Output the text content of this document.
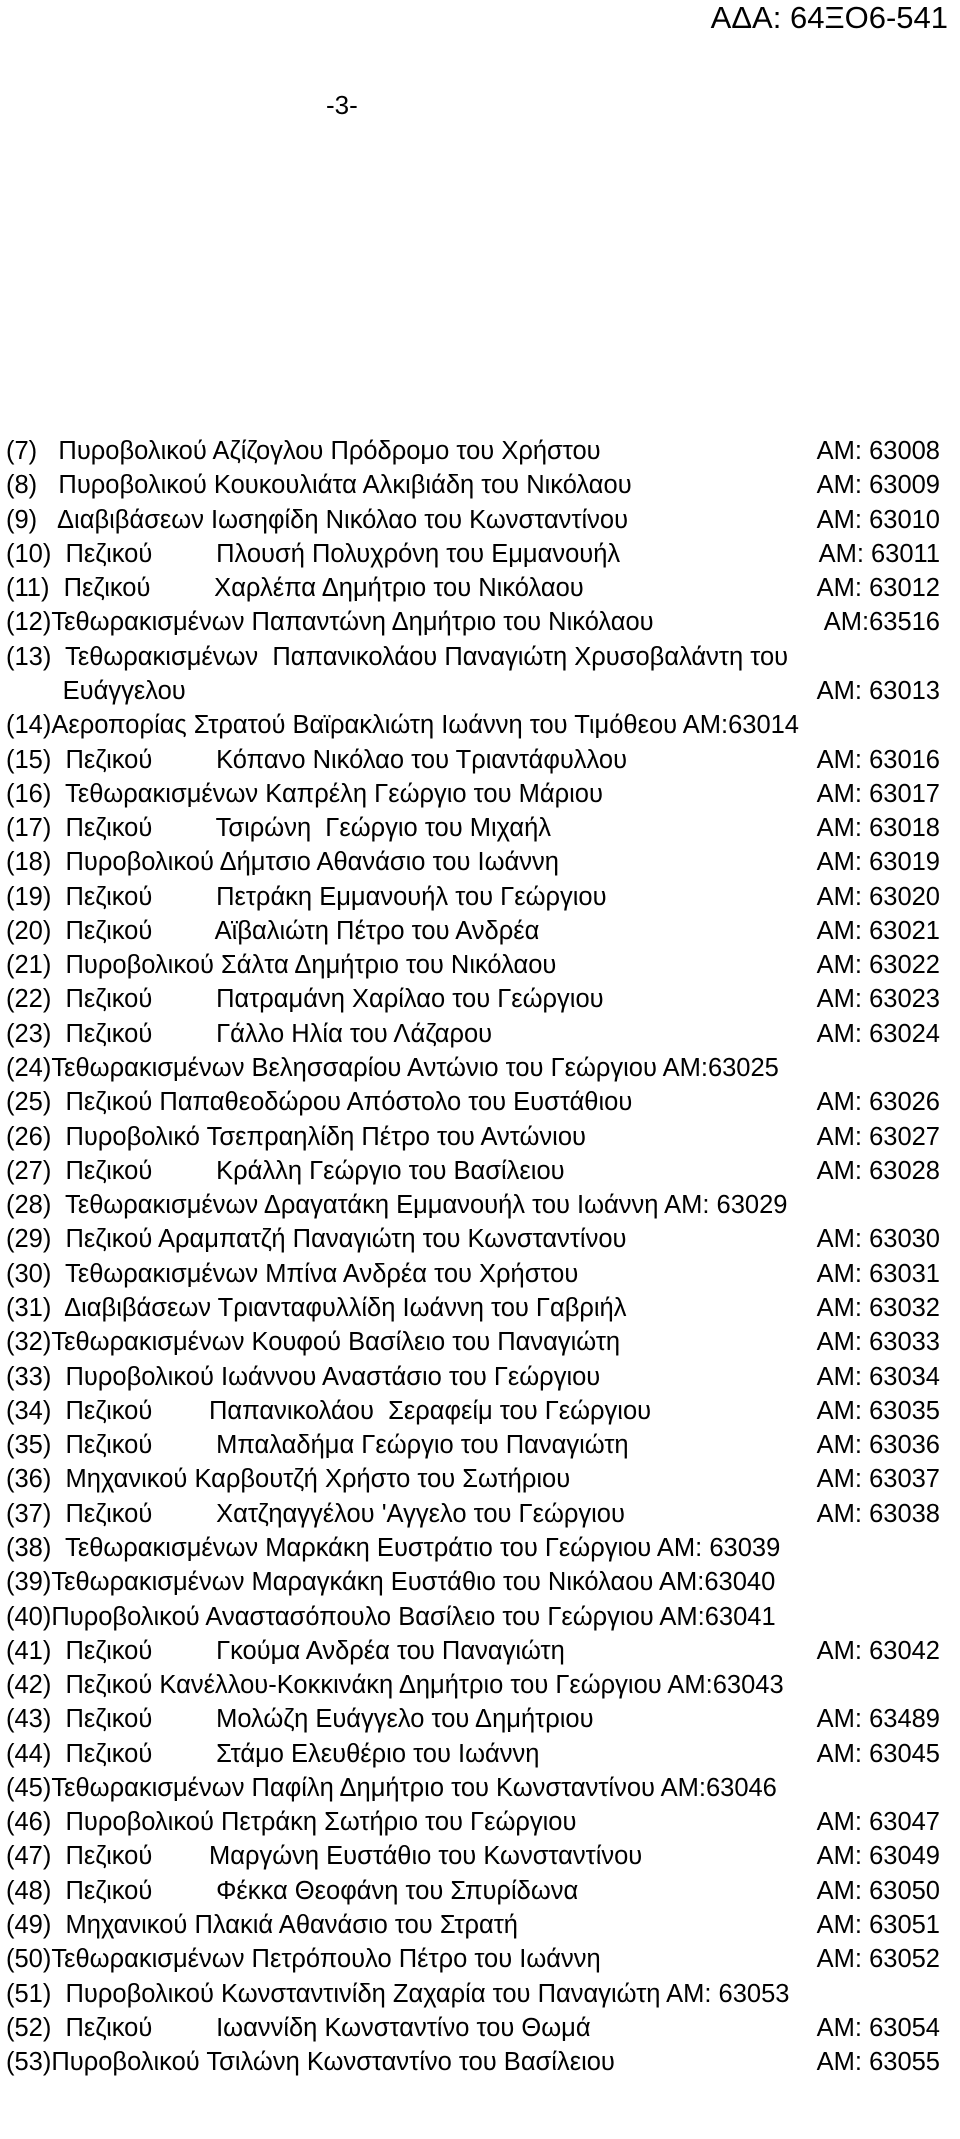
ΑΔΑ: 64ΞΟ6-541
-3-
(7)   Πυροβολικού Αζίζογλου Πρόδρομο του Χρήστου	ΑΜ: 63008
(8)   Πυροβολικού Κουκουλιάτα Αλκιβιάδη του Νικόλαου	ΑΜ: 63009
(9)   Διαβιβάσεων Ιωσηφίδη Νικόλαο του Κωνσταντίνου	ΑΜ: 63010
(10)  Πεζικού         Πλουσή Πολυχρόνη του Εμμανουήλ	ΑΜ: 63011
(11)  Πεζικού         Χαρλέπα Δημήτριο του Νικόλαου	ΑΜ: 63012
(12)Τεθωρακισμένων Παπαντώνη Δημήτριο του Νικόλαου	ΑΜ:63516
(13)  Τεθωρακισμένων  Παπανικολάου Παναγιώτη Χρυσοβαλάντη του
Ευάγγελου	ΑΜ: 63013
(14)Αεροπορίας Στρατού Βαϊρακλιώτη Ιωάννη του Τιμόθεου ΑΜ:63014
(15)  Πεζικού         Κόπανο Νικόλαο του Τριαντάφυλλου	ΑΜ: 63016
(16)  Τεθωρακισμένων Καπρέλη Γεώργιο του Μάριου	ΑΜ: 63017
(17)  Πεζικού         Τσιρώνη  Γεώργιο του Μιχαήλ	ΑΜ: 63018
(18)  Πυροβολικού Δήμτσιο Αθανάσιο του Ιωάννη	ΑΜ: 63019
(19)  Πεζικού         Πετράκη Εμμανουήλ του Γεώργιου	ΑΜ: 63020
(20)  Πεζικού         Αϊβαλιώτη Πέτρο του Ανδρέα	ΑΜ: 63021
(21)  Πυροβολικού Σάλτα Δημήτριο του Νικόλαου	ΑΜ: 63022
(22)  Πεζικού         Πατραμάνη Χαρίλαο του Γεώργιου	ΑΜ: 63023
(23)  Πεζικού         Γάλλο Ηλία του Λάζαρου	ΑΜ: 63024
(24)Τεθωρακισμένων Βελησσαρίου Αντώνιο του Γεώργιου ΑΜ:63025
(25)  Πεζικού Παπαθεοδώρου Απόστολο του Ευστάθιου	ΑΜ: 63026
(26)  Πυροβολικό Τσεπραηλίδη Πέτρο του Αντώνιου	ΑΜ: 63027
(27)  Πεζικού         Κράλλη Γεώργιο του Βασίλειου	ΑΜ: 63028
(28)  Τεθωρακισμένων Δραγατάκη Εμμανουήλ του Ιωάννη ΑΜ: 63029
(29)  Πεζικού Αραμπατζή Παναγιώτη του Κωνσταντίνου	ΑΜ: 63030
(30)  Τεθωρακισμένων Μπίνα Ανδρέα του Χρήστου	ΑΜ: 63031
(31)  Διαβιβάσεων Τριανταφυλλίδη Ιωάννη του Γαβριήλ	ΑΜ: 63032
(32)Τεθωρακισμένων Κουφού Βασίλειο του Παναγιώτη	ΑΜ: 63033
(33)  Πυροβολικού Ιωάννου Αναστάσιο του Γεώργιου	ΑΜ: 63034
(34)  Πεζικού        Παπανικολάου  Σεραφείμ του Γεώργιου	ΑΜ: 63035
(35)  Πεζικού         Μπαλαδήμα Γεώργιο του Παναγιώτη	ΑΜ: 63036
(36)  Μηχανικού Καρβουτζή Χρήστο του Σωτήριου	ΑΜ: 63037
(37)  Πεζικού         Χατζηαγγέλου 'Αγγελο του Γεώργιου	ΑΜ: 63038
(38)  Τεθωρακισμένων Μαρκάκη Ευστράτιο του Γεώργιου ΑΜ: 63039
(39)Τεθωρακισμένων Μαραγκάκη Ευστάθιο του Νικόλαου ΑΜ:63040
(40)Πυροβολικού Αναστασόπουλο Βασίλειο του Γεώργιου ΑΜ:63041
(41)  Πεζικού         Γκούμα Ανδρέα του Παναγιώτη	ΑΜ: 63042
(42)  Πεζικού Κανέλλου-Κοκκινάκη Δημήτριο του Γεώργιου ΑΜ:63043
(43)  Πεζικού         Μολώζη Ευάγγελο του Δημήτριου	ΑΜ: 63489
(44)  Πεζικού         Στάμο Ελευθέριο του Ιωάννη	ΑΜ: 63045
(45)Τεθωρακισμένων Παφίλη Δημήτριο του Κωνσταντίνου ΑΜ:63046
(46)  Πυροβολικού Πετράκη Σωτήριο του Γεώργιου	ΑΜ: 63047
(47)  Πεζικού        Μαργώνη Ευστάθιο του Κωνσταντίνου	ΑΜ: 63049
(48)  Πεζικού         Φέκκα Θεοφάνη του Σπυρίδωνα	ΑΜ: 63050
(49)  Μηχανικού Πλακιά Αθανάσιο του Στρατή	ΑΜ: 63051
(50)Τεθωρακισμένων Πετρόπουλο Πέτρο του Ιωάννη	ΑΜ: 63052
(51)  Πυροβολικού Κωνσταντινίδη Ζαχαρία του Παναγιώτη ΑΜ: 63053
(52)  Πεζικού         Ιωαννίδη Κωνσταντίνο του Θωμά	ΑΜ: 63054
(53)Πυροβολικού Τσιλώνη Κωνσταντίνο του Βασίλειου	ΑΜ: 63055
